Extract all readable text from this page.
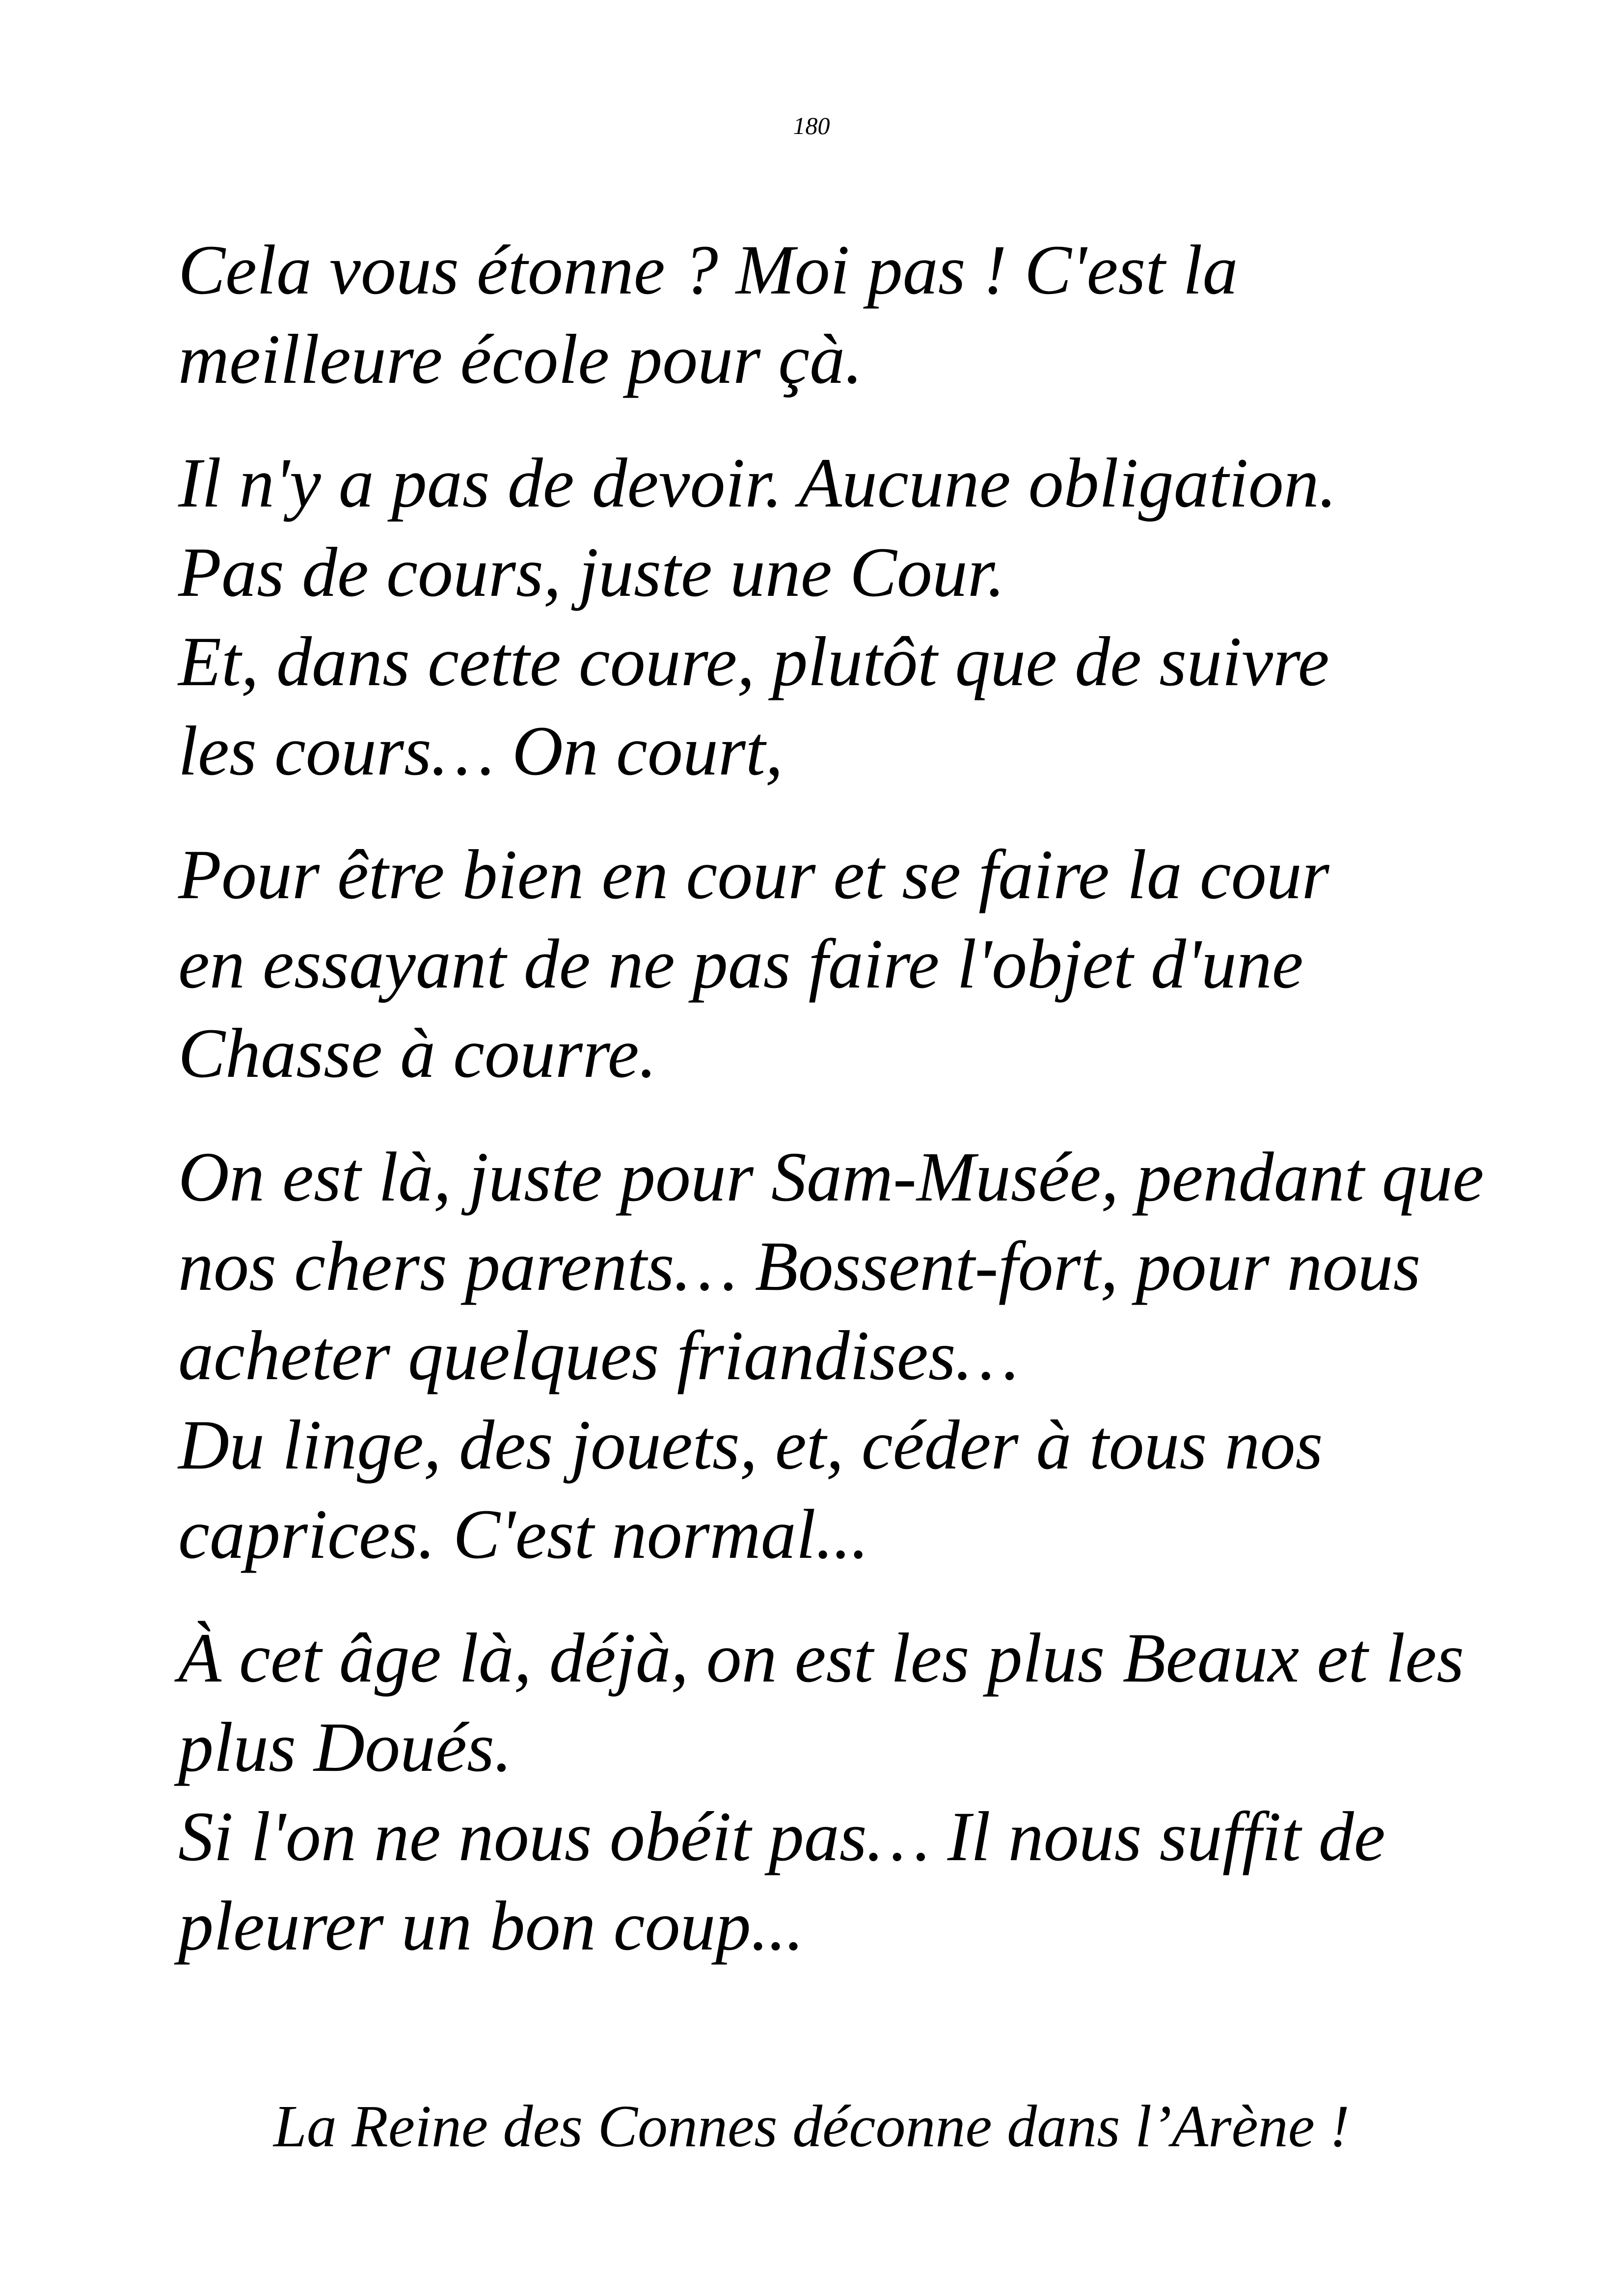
180

Cela vous étonne ? Moi pas ! C'est la
meilleure école pour çà.

Il n'y a pas de devoir. Aucune obligation.
Pas de cours, juste une Cour.
Et, dans cette coure, plutôt que de suivre
les cours… On court,

Pour être bien en cour et se faire la cour
en essayant de ne pas faire l'objet d'une
Chasse à courre.

On est là, juste pour Sam-Musée, pendant que
nos chers parents… Bossent-fort, pour nous
acheter quelques friandises…
Du linge, des jouets, et, céder à tous nos
caprices. C'est normal...

À cet âge là, déjà, on est les plus Beaux et les
plus Doués.
Si l'on ne nous obéit pas… Il nous suffit de
pleurer un bon coup...

La Reine des Connes déconne dans l’Arène !
